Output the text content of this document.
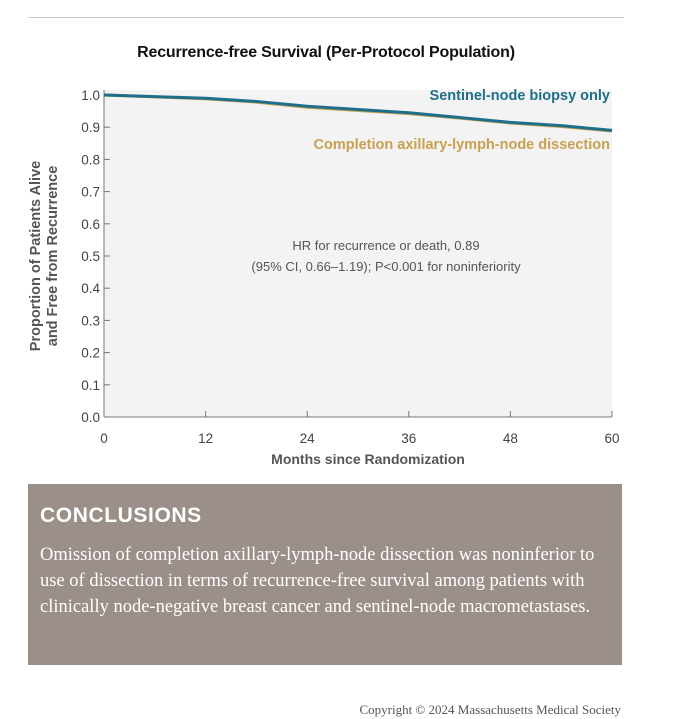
Recurrence-free Survival (Per-Protocol Population)
0.0
0.1
0.2
0.3
0.4
0.5
0.6
0.7
0.8
0.9
1.0
0	12	24	36	48	60
Months since Randomization
Proportion of Patients Alive and Free from Recurrence
Sentinel-node biopsy only
Completion axillary-lymph-node dissection
HR for recurrence or death, 0.89
(95% CI, 0.66–1.19); P<0.001 for noninferiority
CONCLUSIONS
Omission of completion axillary-lymph-node dissection was noninferior to use of dissection in terms of recurrence-free survival among patients with clinically node-negative breast cancer and sentinel-node macrometastases.
Copyright © 2024 Massachusetts Medical Society
